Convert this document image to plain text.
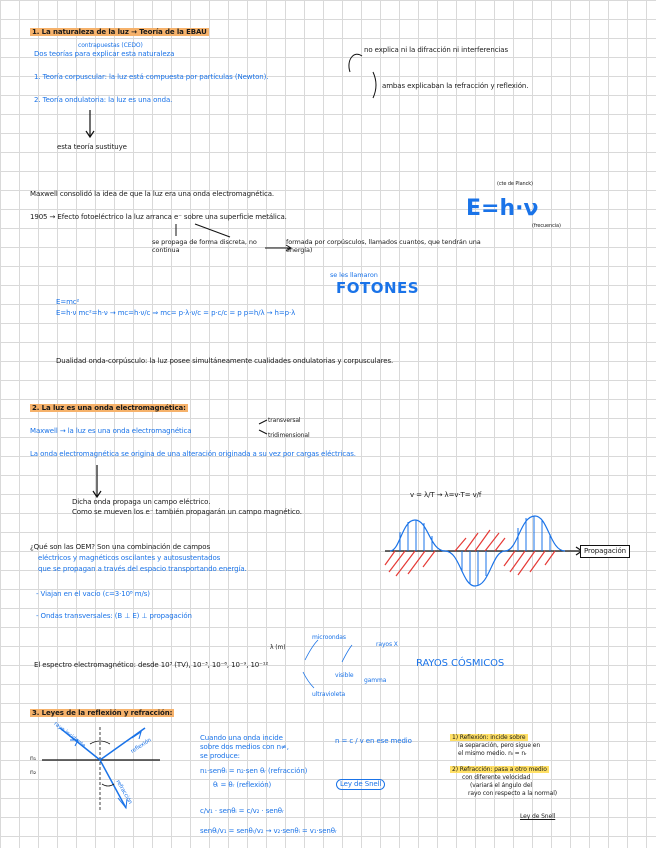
1. La naturaleza de la luz → Teoría de la EBAU
contrapuestas (CEDO)
Dos teorías para explicar esta naturaleza	no explica ni la difracción ni interferencias
1. Teoría corpuscular: la luz está compuesta por partículas (Newton).
ambas explicaban la refracción y reflexión.
2. Teoría ondulatoria: la luz es una onda.
esta teoría sustituye
Maxwell consolidó la idea de que la luz era una onda electromagnética.
1905 → Efecto fotoeléctrico la luz arranca e⁻ sobre una superficie metálica.
(cte de Planck)
E=h·ν
(frecuencia)
se propaga de forma discreta, no continua
formada por corpúsculos, llamados cuantos, que tendrán una energía)
se les llamaron
FOTONES
E=mc²
E=h·ν mc²=h·ν → mc=h·ν/c ⇒ mc= p·λ·ν/c = p·c/c = p p=h/λ → h=p·λ
Dualidad onda-corpúsculo: la luz posee simultáneamente cualidades ondulatorias y corpusculares.
2. La luz es una onda electromagnética:
Maxwell → la luz es una onda electromagnética
transversal
tridimensional
La onda electromagnética se origina de una alteración originada a su vez por cargas eléctricas.
Dicha onda propaga un campo eléctrico.
Como se mueven los e⁻ también propagarán un campo magnético.
v = λ/T → λ=v·T= v/f
Propagación
¿Qué son las OEM? Son una combinación de campos
eléctricos y magnéticos oscilantes y autosustentados
que se propagan a través del espacio transportando energía.
- Viajan en el vacío (c=3·10⁸ m/s)
- Ondas transversales: (B ⊥ E) ⊥ propagación
λ (m)
microondas
rayos X
El espectro electromagnético: desde 10³ (TV), 10⁻³, 10⁻⁶, 10⁻⁹, 10⁻¹²	RAYOS CÓSMICOS
visible
gamma
ultravioleta
3. Leyes de la reflexión y refracción:
rayo incidente	reflexión
refracción
n₁
n₂
Cuando una onda incide
sobre dos medios con n≠,
se produce:
n₁·senθᵢ = n₂·sen θᵣ (refracción)
θᵢ = θᵣ (reflexión)	Ley de Snell
n = c / v en ese medio
c/v₁ · senθᵢ = c/v₂ · senθᵣ
senθᵢ/v₁ = senθᵣ/v₂ → v₂·senθᵢ = v₁·senθᵣ
1) Reflexión: incide sobre
la separación, pero sigue en
el mismo medio. nᵢ = nᵣ
2) Refracción: pasa a otro medio
con diferente velocidad
(variará el ángulo del
rayo con respecto a la normal)
Ley de Snell
